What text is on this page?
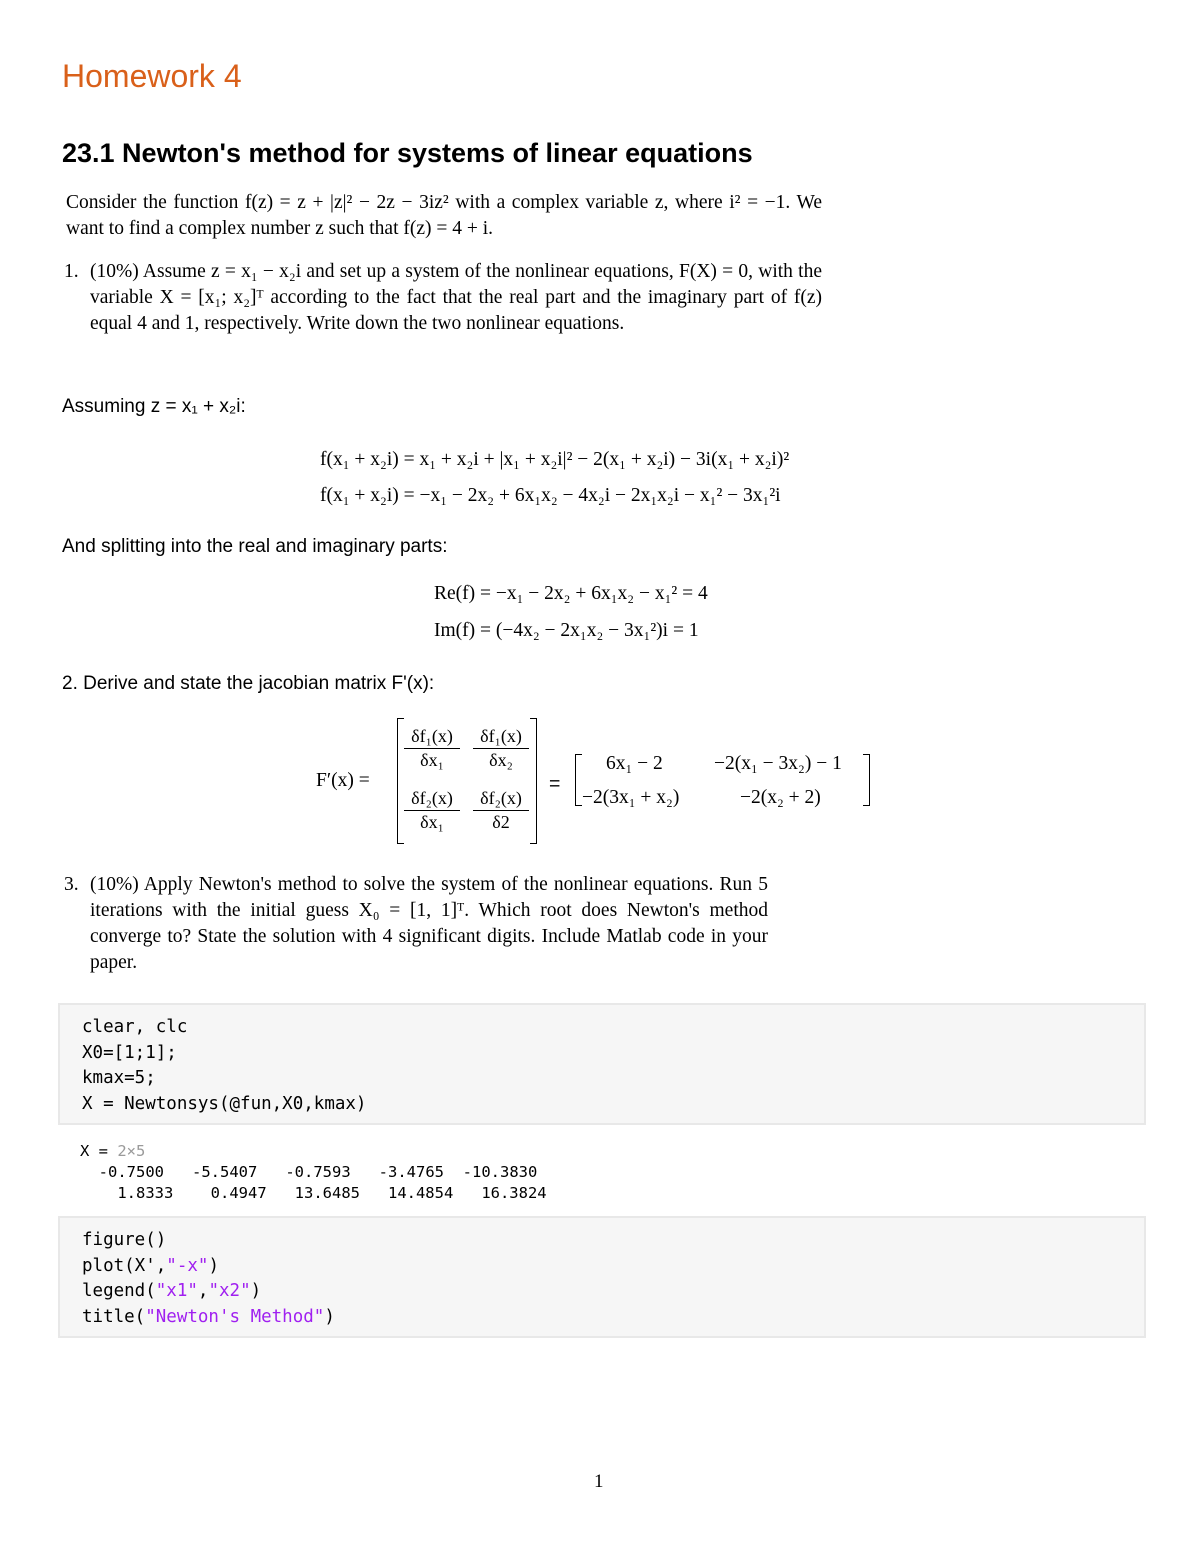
Homework 4
23.1 Newton's method for systems of linear equations
Consider the function f(z) = z + |z|² − 2z − 3iz² with a complex variable z, where i² = −1. We want to find a complex number z such that f(z) = 4 + i.
1. (10%) Assume z = x₁ − x₂i and set up a system of the nonlinear equations, F(X) = 0, with the variable X = [x₁; x₂]ᵀ according to the fact that the real part and the imaginary part of f(z) equal 4 and 1, respectively. Write down the two nonlinear equations.
Assuming z = x₁ + x₂i:
f(x₁ + x₂i) = x₁ + x₂i + |x₁ + x₂i|² − 2(x₁ + x₂i) − 3i(x₁ + x₂i)²
f(x₁ + x₂i) = −x₁ − 2x₂ + 6x₁x₂ − 4x₂i − 2x₁x₂i − x₁² − 3x₁²i
And splitting into the real and imaginary parts:
Re(f) = −x₁ − 2x₂ + 6x₁x₂ − x₁² = 4
Im(f) = (−4x₂ − 2x₁x₂ − 3x₁²)i = 1
2. Derive and state the jacobian matrix F'(x):
F′(x) =
$\frac{\text{δf₁(x)}}{\text{δx₁}} \frac{\text{δf₁(x)}}{\text{δx₂}}$
$\frac{\text{δf₂(x)}}{\text{δx₁}} \frac{\text{δf₂(x)}}{\delta 2}$
=
6x₁ − 2	−2(x₁ − 3x₂) − 1
−2(3x₁ + x₂)	−2(x₂ + 2)
3. (10%) Apply Newton's method to solve the system of the nonlinear equations. Run 5 iterations with the initial guess X₀ = [1, 1]ᵀ. Which root does Newton's method converge to? State the solution with 4 significant digits. Include Matlab code in your paper.
clear, clc
X0=[1;1];
kmax=5;
X = Newtonsys(@fun,X0,kmax)
X = 2×5
-0.7500 -5.5407 -0.7593 -3.4765 -10.3830
1.8333 0.4947 13.6485 14.4854 16.3824
figure()
plot(X',"-x")
legend("x1","x2")
title("Newton's Method")
1
